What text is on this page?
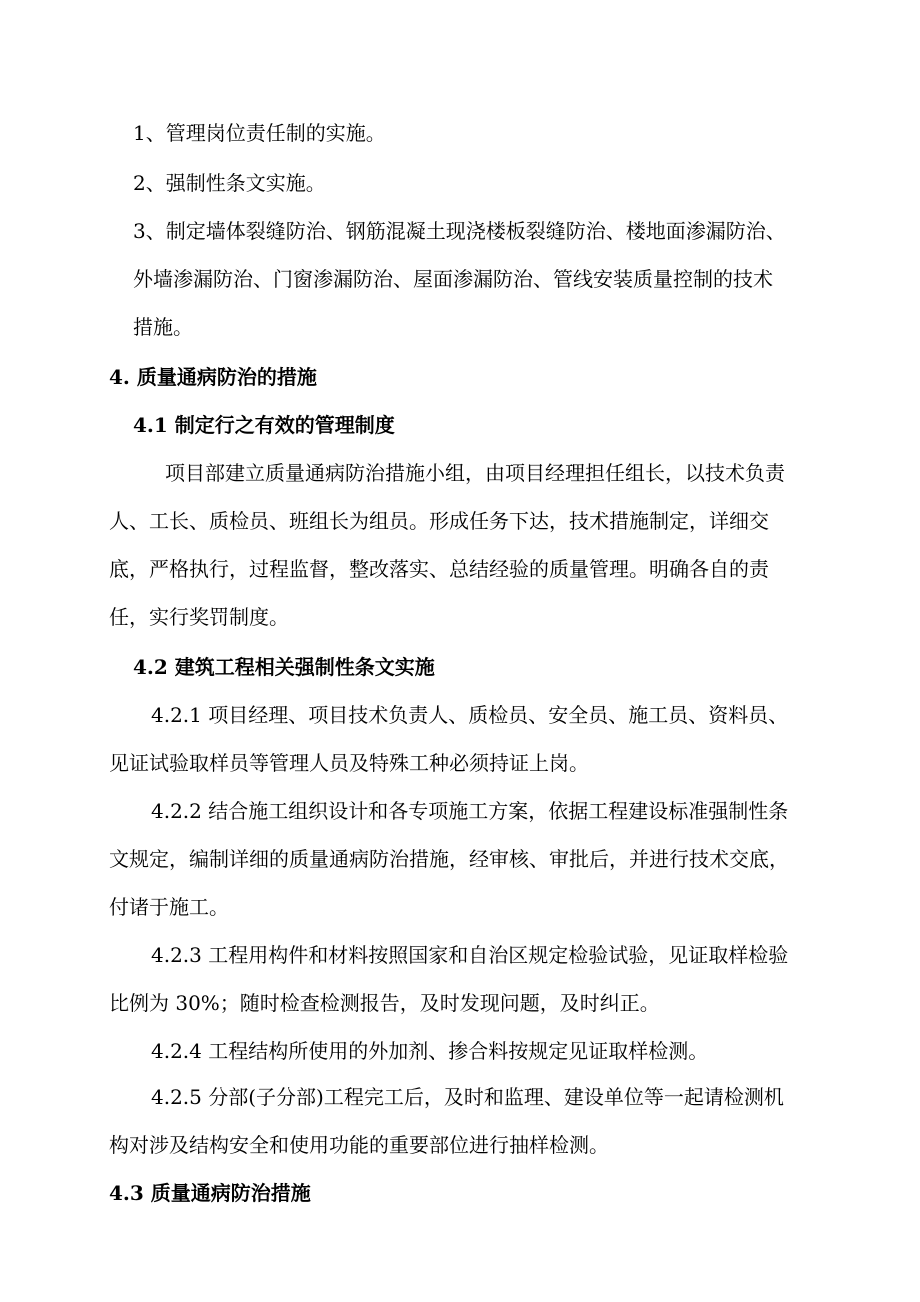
1、管理岗位责任制的实施。
2、强制性条文实施。
3、制定墙体裂缝防治、钢筋混凝土现浇楼板裂缝防治、楼地面渗漏防治、
外墙渗漏防治、门窗渗漏防治、屋面渗漏防治、管线安装质量控制的技术
措施。
4. 质量通病防治的措施
4.1 制定行之有效的管理制度
项目部建立质量通病防治措施小组，由项目经理担任组长，以技术负责
人、工长、质检员、班组长为组员。形成任务下达，技术措施制定，详细交
底，严格执行，过程监督，整改落实、总结经验的质量管理。明确各自的责
任，实行奖罚制度。
4.2 建筑工程相关强制性条文实施
4.2.1 项目经理、项目技术负责人、质检员、安全员、施工员、资料员、
见证试验取样员等管理人员及特殊工种必须持证上岗。
4.2.2 结合施工组织设计和各专项施工方案，依据工程建设标准强制性条
文规定，编制详细的质量通病防治措施，经审核、审批后，并进行技术交底，
付诸于施工。
4.2.3 工程用构件和材料按照国家和自治区规定检验试验，见证取样检验
比例为 30%；随时检查检测报告，及时发现问题，及时纠正。
4.2.4 工程结构所使用的外加剂、掺合料按规定见证取样检测。
4.2.5 分部(子分部)工程完工后，及时和监理、建设单位等一起请检测机
构对涉及结构安全和使用功能的重要部位进行抽样检测。
4.3 质量通病防治措施
